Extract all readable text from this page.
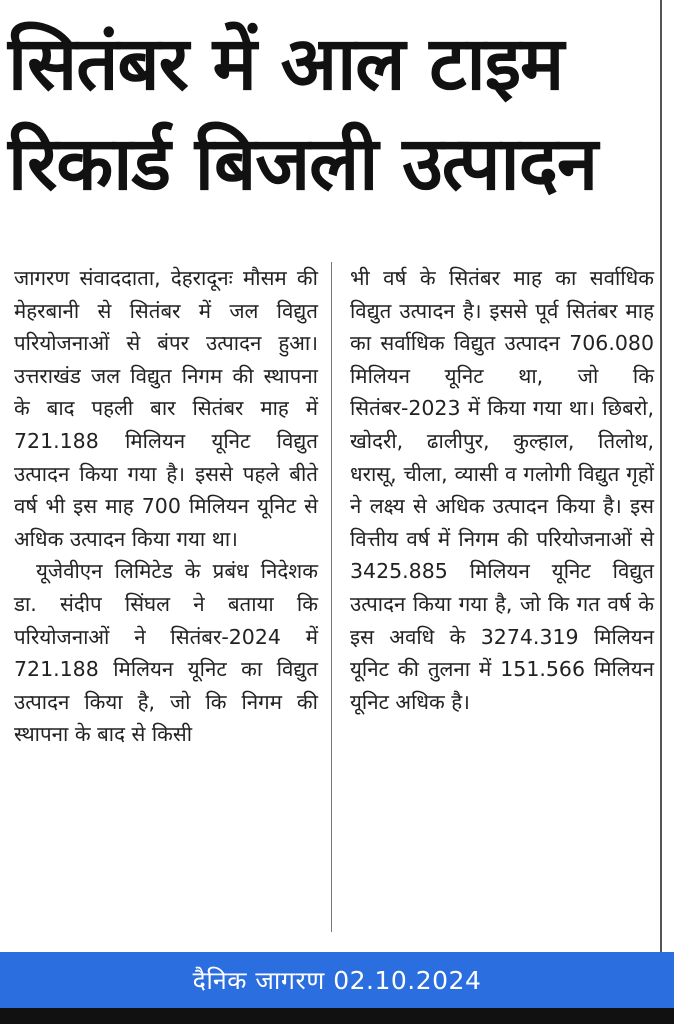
सितंबर में आल टाइम
रिकार्ड बिजली उत्पादन

जागरण संवाददाता, देहरादूनः मौसम की मेहरबानी से सितंबर में जल विद्युत परियोजनाओं से बंपर उत्पादन हुआ। उत्तराखंड जल विद्युत निगम की स्थापना के बाद पहली बार सितंबर माह में 721.188 मिलियन यूनिट विद्युत उत्पादन किया गया है। इससे पहले बीते वर्ष भी इस माह 700 मिलियन यूनिट से अधिक उत्पादन किया गया था।

यूजेवीएन लिमिटेड के प्रबंध निदेशक डा. संदीप सिंघल ने बताया कि परियोजनाओं ने सितंबर-2024 में 721.188 मिलियन यूनिट का विद्युत उत्पादन किया है, जो कि निगम की स्थापना के बाद से किसी

भी वर्ष के सितंबर माह का सर्वाधिक विद्युत उत्पादन है। इससे पूर्व सितंबर माह का सर्वाधिक विद्युत उत्पादन 706.080 मिलियन यूनिट था, जो कि सितंबर-2023 में किया गया था। छिबरो, खोदरी, ढालीपुर, कुल्हाल, तिलोथ, धरासू, चीला, व्यासी व गलोगी विद्युत गृहों ने लक्ष्य से अधिक उत्पादन किया है। इस वित्तीय वर्ष में निगम की परियोजनाओं से 3425.885 मिलियन यूनिट विद्युत उत्पादन किया गया है, जो कि गत वर्ष के इस अवधि के 3274.319 मिलियन यूनिट की तुलना में 151.566 मिलियन यूनिट अधिक है।

दैनिक जागरण 02.10.2024
